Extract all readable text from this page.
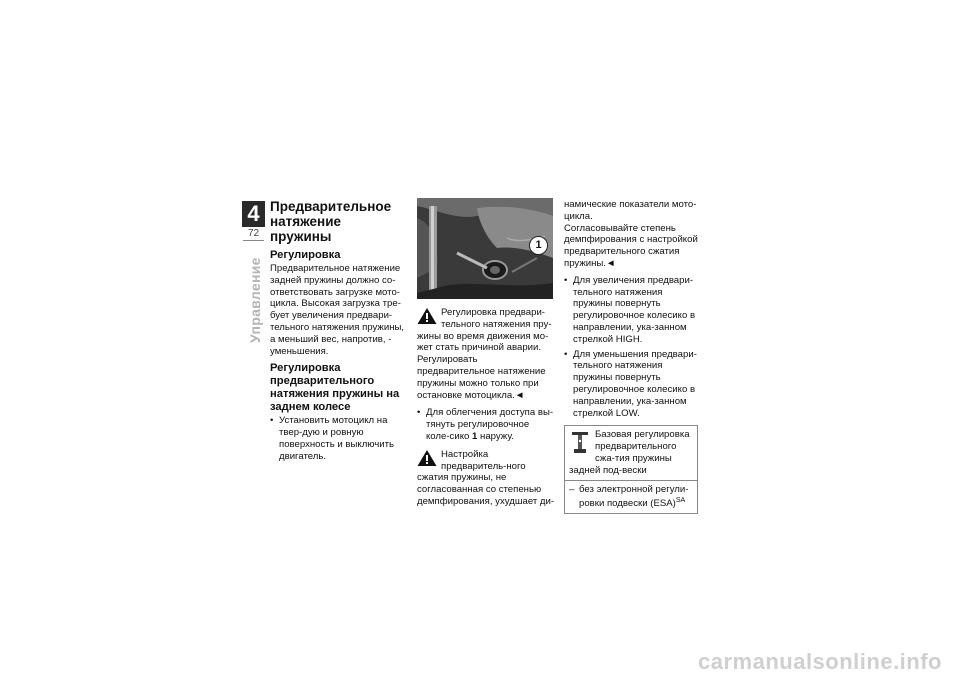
4
72
Управление
Предварительное натяжение пружины
Регулировка

Предварительное натяжение задней пружины должно со-ответствовать загрузке мото-цикла. Высокая загрузка тре-бует увеличения предвари-тельного натяжения пружины, а меньший вес, напротив, - уменьшения.

Регулировка предварительного натяжения пружины на заднем колесе

• Установить мотоцикл на твер-дую и ровную поверхность и выключить двигатель.

1
Регулировка предвари-тельного натяжения пру-жины во время движения мо-жет стать причиной аварии. Регулировать предварительное натяжение пружины можно только при остановке мотоцикла.◄

• Для облегчения доступа вы-тянуть регулировочное коле-сико 1 наружу.

Настройка предваритель-ного сжатия пружины, не согласованная со степенью демпфирования, ухудшает ди-

намические показатели мото-цикла.

Согласовывайте степень демпфирования с настройкой предварительного сжатия пружины.◄

• Для увеличения предвари-тельного натяжения пружины повернуть регулировочное колесико в направлении, ука-занном стрелкой HIGH.

• Для уменьшения предвари-тельного натяжения пружины повернуть регулировочное колесико в направлении, ука-занном стрелкой LOW.

Базовая регулировка предварительного сжа-тия пружины задней под-вески

– без электронной регули-ровки подвески (ESA)$^{SA}$

carmanualsonline.info
